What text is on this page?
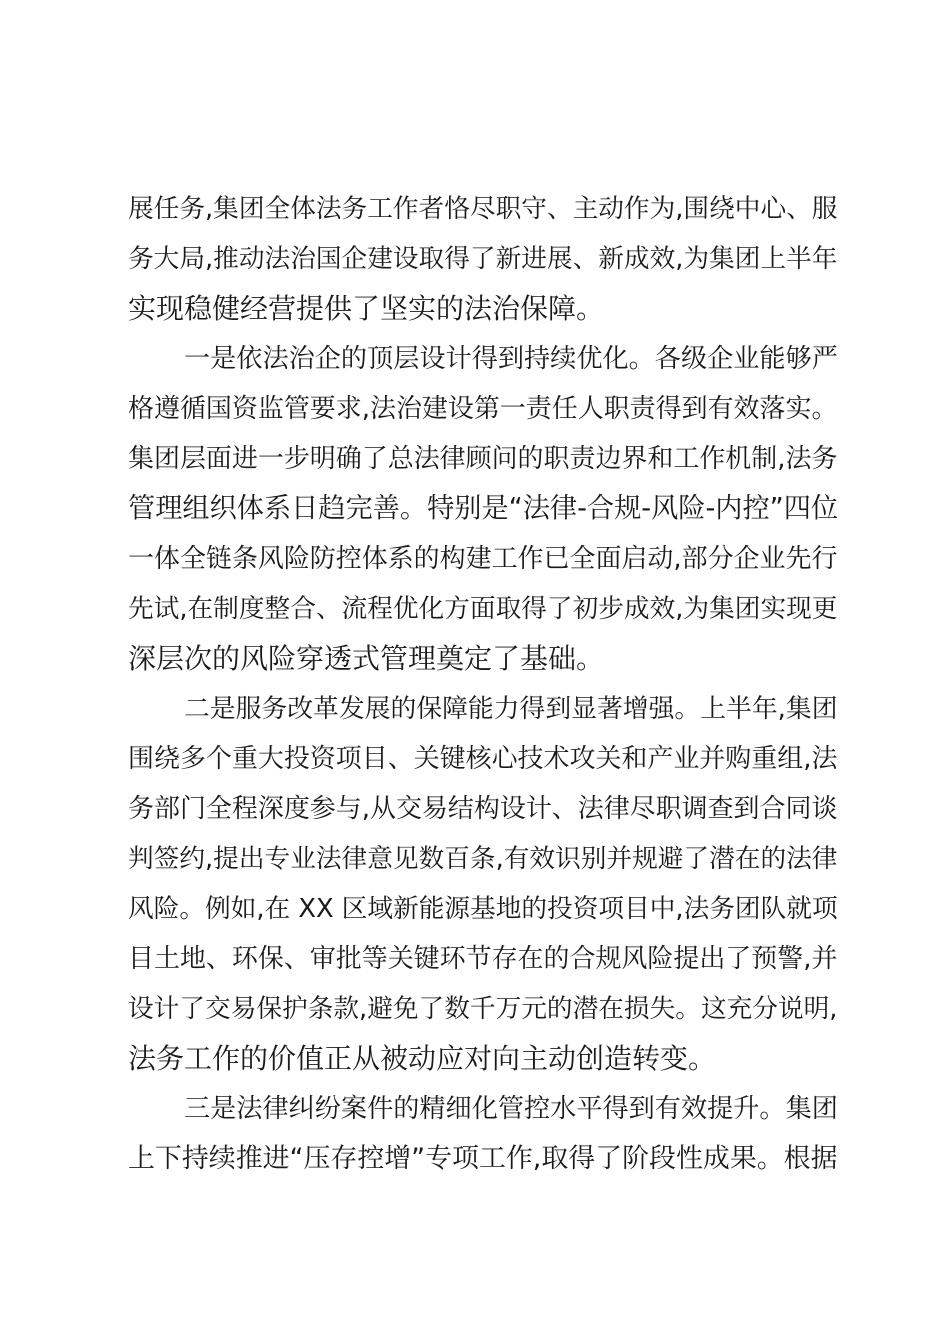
展任务,集团全体法务工作者恪尽职守、主动作为,围绕中心、服
务大局,推动法治国企建设取得了新进展、新成效,为集团上半年
实现稳健经营提供了坚实的法治保障。
一是依法治企的顶层设计得到持续优化。各级企业能够严
格遵循国资监管要求,法治建设第一责任人职责得到有效落实。
集团层面进一步明确了总法律顾问的职责边界和工作机制,法务
管理组织体系日趋完善。特别是“法律-合规-风险-内控”四位
一体全链条风险防控体系的构建工作已全面启动,部分企业先行
先试,在制度整合、流程优化方面取得了初步成效,为集团实现更
深层次的风险穿透式管理奠定了基础。
二是服务改革发展的保障能力得到显著增强。上半年,集团
围绕多个重大投资项目、关键核心技术攻关和产业并购重组,法
务部门全程深度参与,从交易结构设计、法律尽职调查到合同谈
判签约,提出专业法律意见数百条,有效识别并规避了潜在的法律
风险。例如,在 XX 区域新能源基地的投资项目中,法务团队就项
目土地、环保、审批等关键环节存在的合规风险提出了预警,并
设计了交易保护条款,避免了数千万元的潜在损失。这充分说明,
法务工作的价值正从被动应对向主动创造转变。
三是法律纠纷案件的精细化管控水平得到有效提升。集团
上下持续推进“压存控增”专项工作,取得了阶段性成果。根据
